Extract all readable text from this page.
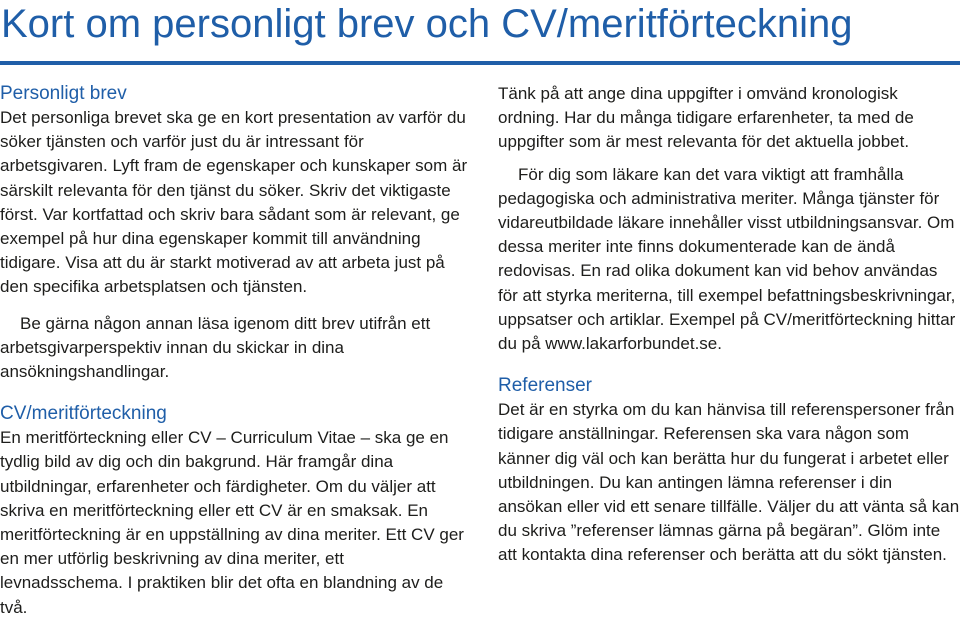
Kort om personligt brev och CV/meritförteckning
Personligt brev

Det personliga brevet ska ge en kort presentation av varför du söker tjänsten och varför just du är intressant för arbetsgivaren. Lyft fram de egenskaper och kunskaper som är särskilt relevanta för den tjänst du söker. Skriv det viktigaste först. Var kortfattad och skriv bara sådant som är relevant, ge exempel på hur dina egenskaper kommit till användning tidigare. Visa att du är starkt motiverad av att arbeta just på den specifika arbetsplatsen och tjänsten.

Be gärna någon annan läsa igenom ditt brev utifrån ett arbetsgivarperspektiv innan du skickar in dina ansökningshandlingar.

CV/meritförteckning

En meritförteckning eller CV – Curriculum Vitae – ska ge en tydlig bild av dig och din bakgrund. Här framgår dina utbildningar, erfarenheter och färdigheter. Om du väljer att skriva en meritförteckning eller ett CV är en smaksak. En meritförteckning är en uppställning av dina meriter. Ett CV ger en mer utförlig beskrivning av dina meriter, ett levnadsschema. I praktiken blir det ofta en blandning av de två.

Tänk på att ange dina uppgifter i omvänd kronologisk ordning. Har du många tidigare erfarenheter, ta med de uppgifter som är mest relevanta för det aktuella jobbet.

För dig som läkare kan det vara viktigt att framhålla pedagogiska och administrativa meriter. Många tjänster för vidareutbildade läkare innehåller visst utbildningsansvar. Om dessa meriter inte finns dokumenterade kan de ändå redovisas. En rad olika dokument kan vid behov användas för att styrka meriterna, till exempel befattningsbeskrivningar, uppsatser och artiklar. Exempel på CV/meritförteckning hittar du på www.lakarforbundet.se.

Referenser

Det är en styrka om du kan hänvisa till referenspersoner från tidigare anställningar. Referensen ska vara någon som känner dig väl och kan berätta hur du fungerat i arbetet eller utbildningen. Du kan antingen lämna referenser i din ansökan eller vid ett senare tillfälle. Väljer du att vänta så kan du skriva ”referenser lämnas gärna på begäran”. Glöm inte att kontakta dina referenser och berätta att du sökt tjänsten.
